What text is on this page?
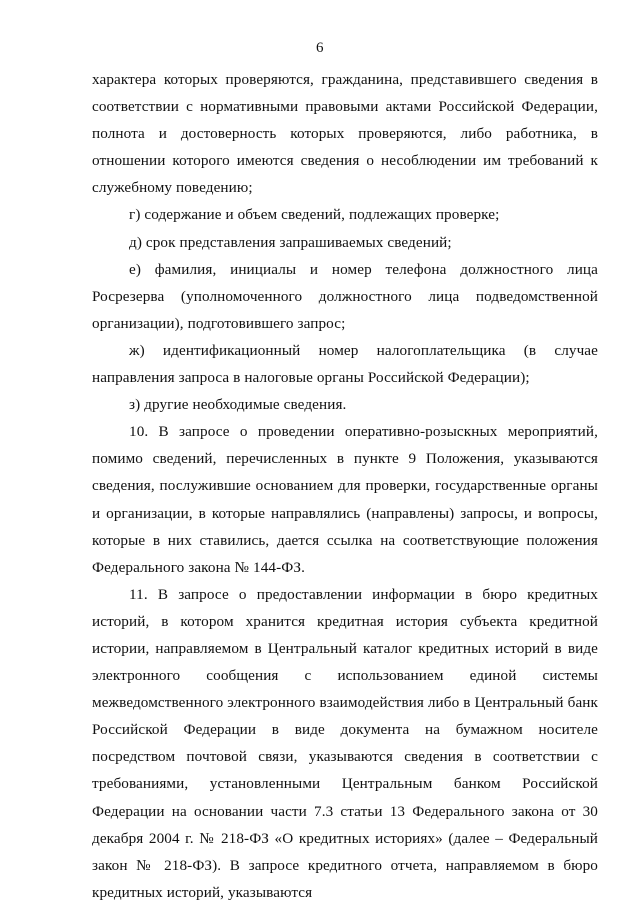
6

характера которых проверяются, гражданина, представившего сведения в соответствии с нормативными правовыми актами Российской Федерации, полнота и достоверность которых проверяются, либо работника, в отношении которого имеются сведения о несоблюдении им требований к служебному поведению;

г) содержание и объем сведений, подлежащих проверке;

д) срок представления запрашиваемых сведений;

е) фамилия, инициалы и номер телефона должностного лица Росрезерва (уполномоченного должностного лица подведомственной организации), подготовившего запрос;

ж) идентификационный номер налогоплательщика (в случае направления запроса в налоговые органы Российской Федерации);

з) другие необходимые сведения.

10. В запросе о проведении оперативно-розыскных мероприятий, помимо сведений, перечисленных в пункте 9 Положения, указываются сведения, послужившие основанием для проверки, государственные органы и организации, в которые направлялись (направлены) запросы, и вопросы, которые в них ставились, дается ссылка на соответствующие положения Федерального закона № 144-ФЗ.

11. В запросе о предоставлении информации в бюро кредитных историй, в котором хранится кредитная история субъекта кредитной истории, направляемом в Центральный каталог кредитных историй в виде электронного сообщения с использованием единой системы межведомственного электронного взаимодействия либо в Центральный банк Российской Федерации в виде документа на бумажном носителе посредством почтовой связи, указываются сведения в соответствии с требованиями, установленными Центральным банком Российской Федерации на основании части 7.3 статьи 13 Федерального закона от 30 декабря 2004 г. № 218-ФЗ «О кредитных историях» (далее – Федеральный закон № 218-ФЗ). В запросе кредитного отчета, направляемом в бюро кредитных историй, указываются
